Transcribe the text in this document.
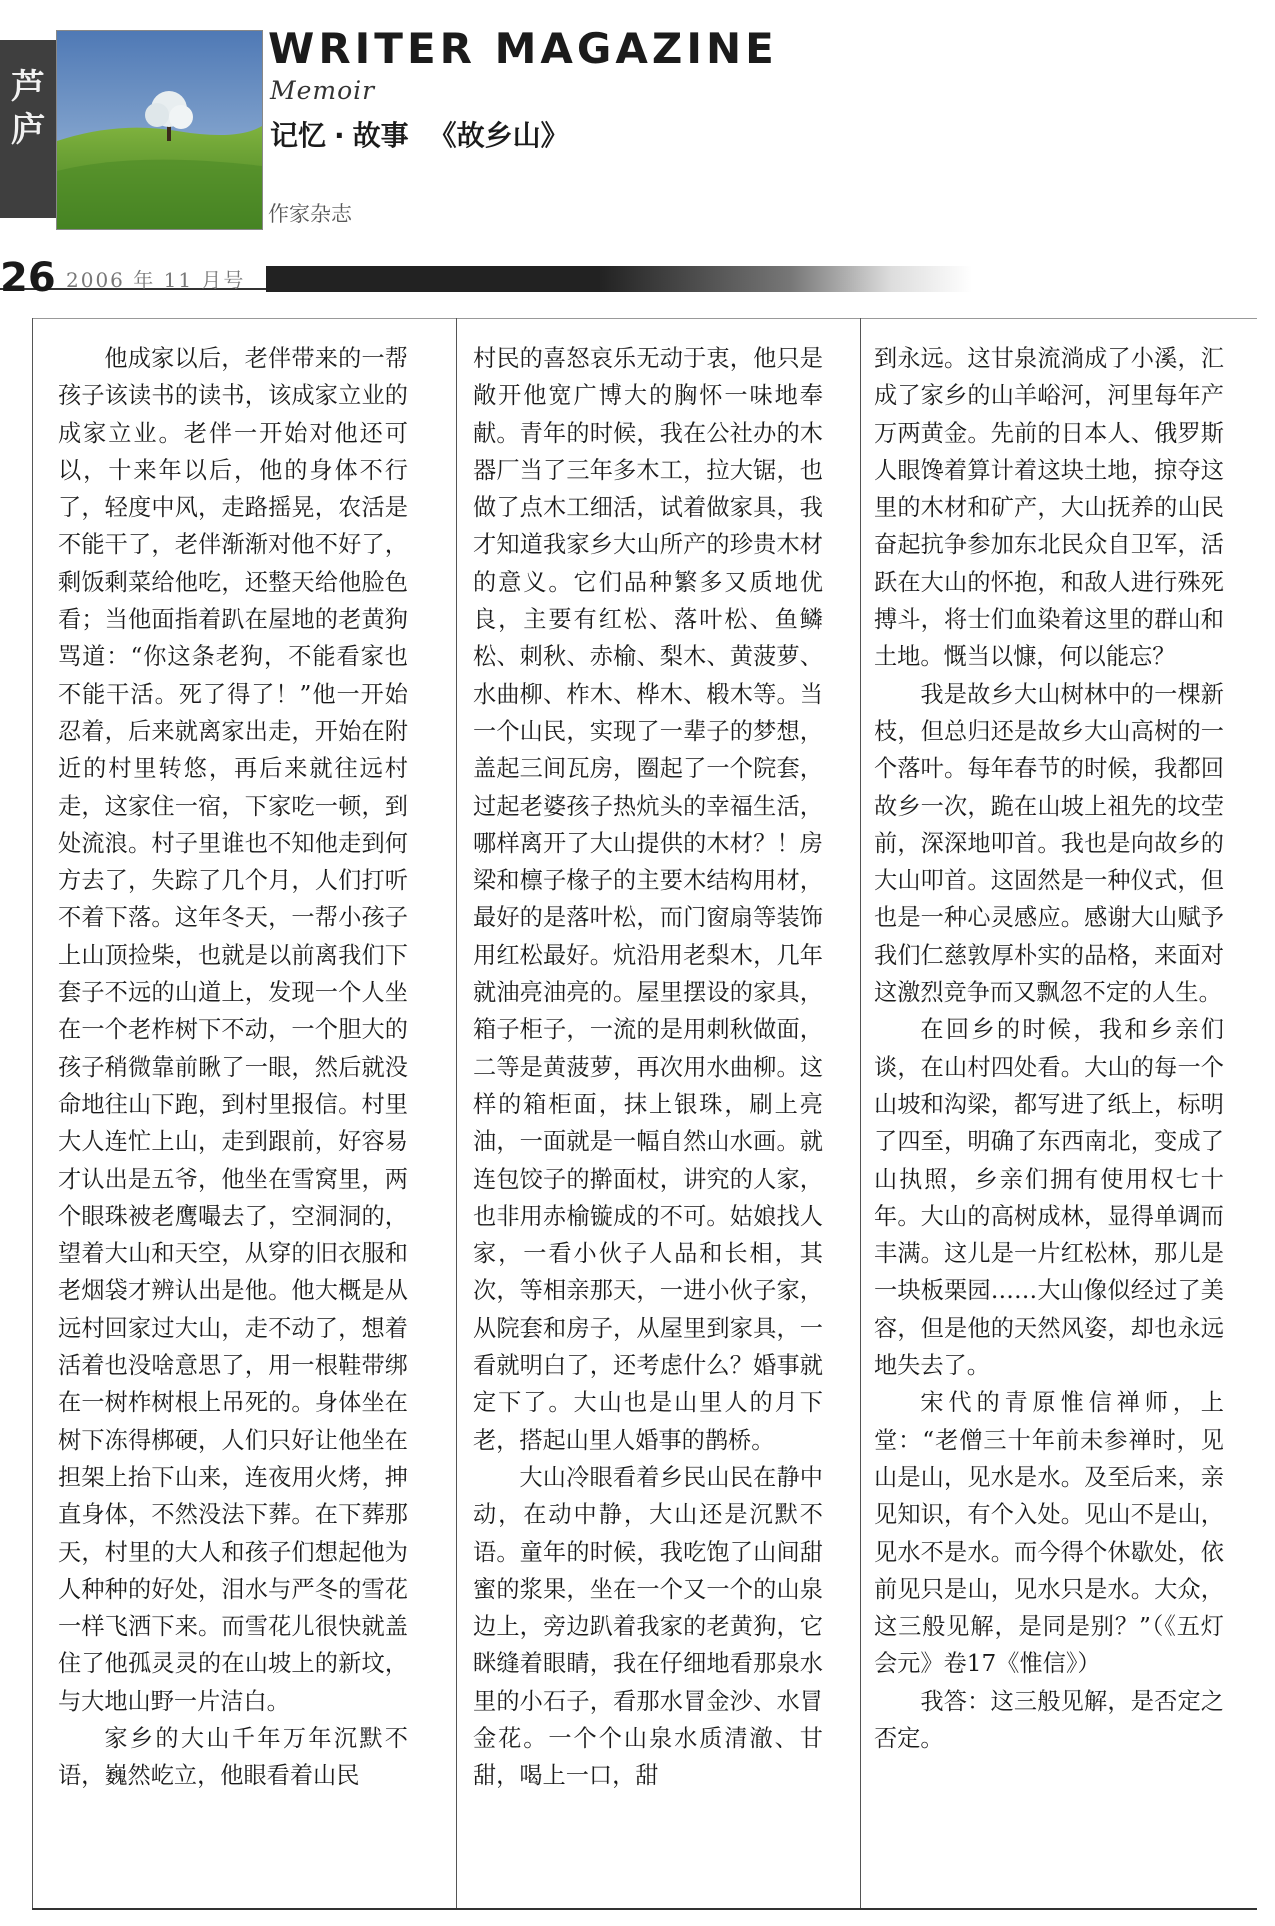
芦
庐
WRITER MAGAZINE
Memoir
记忆 · 故事 《故乡山》
作家杂志
26 2006 年 11 月号

他成家以后，老伴带来的一帮孩子该读书的读书，该成家立业的成家立业。老伴一开始对他还可以，十来年以后，他的身体不行了，轻度中风，走路摇晃，农活是不能干了，老伴渐渐对他不好了，剩饭剩菜给他吃，还整天给他脸色看；当他面指着趴在屋地的老黄狗骂道：“你这条老狗，不能看家也不能干活。死了得了！”他一开始忍着，后来就离家出走，开始在附近的村里转悠，再后来就往远村走，这家住一宿，下家吃一顿，到处流浪。村子里谁也不知他走到何方去了，失踪了几个月，人们打听不着下落。这年冬天，一帮小孩子上山顶捡柴，也就是以前离我们下套子不远的山道上，发现一个人坐在一个老柞树下不动，一个胆大的孩子稍微靠前瞅了一眼，然后就没命地往山下跑，到村里报信。村里大人连忙上山，走到跟前，好容易才认出是五爷，他坐在雪窝里，两个眼珠被老鹰嘬去了，空洞洞的，望着大山和天空，从穿的旧衣服和老烟袋才辨认出是他。他大概是从远村回家过大山，走不动了，想着活着也没啥意思了，用一根鞋带绑在一树柞树根上吊死的。身体坐在树下冻得梆硬，人们只好让他坐在担架上抬下山来，连夜用火烤，抻直身体，不然没法下葬。在下葬那天，村里的大人和孩子们想起他为人种种的好处，泪水与严冬的雪花一样飞洒下来。而雪花儿很快就盖住了他孤灵灵的在山坡上的新坟，与大地山野一片洁白。

家乡的大山千年万年沉默不语，巍然屹立，他眼看着山民

村民的喜怒哀乐无动于衷，他只是敞开他宽广博大的胸怀一味地奉献。青年的时候，我在公社办的木器厂当了三年多木工，拉大锯，也做了点木工细活，试着做家具，我才知道我家乡大山所产的珍贵木材的意义。它们品种繁多又质地优良，主要有红松、落叶松、鱼鳞松、刺秋、赤榆、梨木、黄菠萝、水曲柳、柞木、桦木、椴木等。当一个山民，实现了一辈子的梦想，盖起三间瓦房，圈起了一个院套，过起老婆孩子热炕头的幸福生活，哪样离开了大山提供的木材？！房梁和檩子椽子的主要木结构用材，最好的是落叶松，而门窗扇等装饰用红松最好。炕沿用老梨木，几年就油亮油亮的。屋里摆设的家具，箱子柜子，一流的是用刺秋做面，二等是黄菠萝，再次用水曲柳。这样的箱柜面，抹上银珠，刷上亮油，一面就是一幅自然山水画。就连包饺子的擀面杖，讲究的人家，也非用赤榆镟成的不可。姑娘找人家，一看小伙子人品和长相，其次，等相亲那天，一进小伙子家，从院套和房子，从屋里到家具，一看就明白了，还考虑什么？婚事就定下了。大山也是山里人的月下老，搭起山里人婚事的鹊桥。

大山冷眼看着乡民山民在静中动，在动中静，大山还是沉默不语。童年的时候，我吃饱了山间甜蜜的浆果，坐在一个又一个的山泉边上，旁边趴着我家的老黄狗，它眯缝着眼睛，我在仔细地看那泉水里的小石子，看那水冒金沙、水冒金花。一个个山泉水质清澈、甘甜，喝上一口，甜

到永远。这甘泉流淌成了小溪，汇成了家乡的山羊峪河，河里每年产万两黄金。先前的日本人、俄罗斯人眼馋着算计着这块土地，掠夺这里的木材和矿产，大山抚养的山民奋起抗争参加东北民众自卫军，活跃在大山的怀抱，和敌人进行殊死搏斗，将士们血染着这里的群山和土地。慨当以慷，何以能忘？

我是故乡大山树林中的一棵新枝，但总归还是故乡大山高树的一个落叶。每年春节的时候，我都回故乡一次，跪在山坡上祖先的坟茔前，深深地叩首。我也是向故乡的大山叩首。这固然是一种仪式，但也是一种心灵感应。感谢大山赋予我们仁慈敦厚朴实的品格，来面对这激烈竞争而又飘忽不定的人生。

在回乡的时候，我和乡亲们谈，在山村四处看。大山的每一个山坡和沟梁，都写进了纸上，标明了四至，明确了东西南北，变成了山执照，乡亲们拥有使用权七十年。大山的高树成林，显得单调而丰满。这儿是一片红松林，那儿是一块板栗园……大山像似经过了美容，但是他的天然风姿，却也永远地失去了。

宋代的青原惟信禅师，上堂：“老僧三十年前未参禅时，见山是山，见水是水。及至后来，亲见知识，有个入处。见山不是山，见水不是水。而今得个休歇处，依前见只是山，见水只是水。大众，这三般见解，是同是别？”（《五灯会元》卷17《惟信》）

我答：这三般见解，是否定之否定。
